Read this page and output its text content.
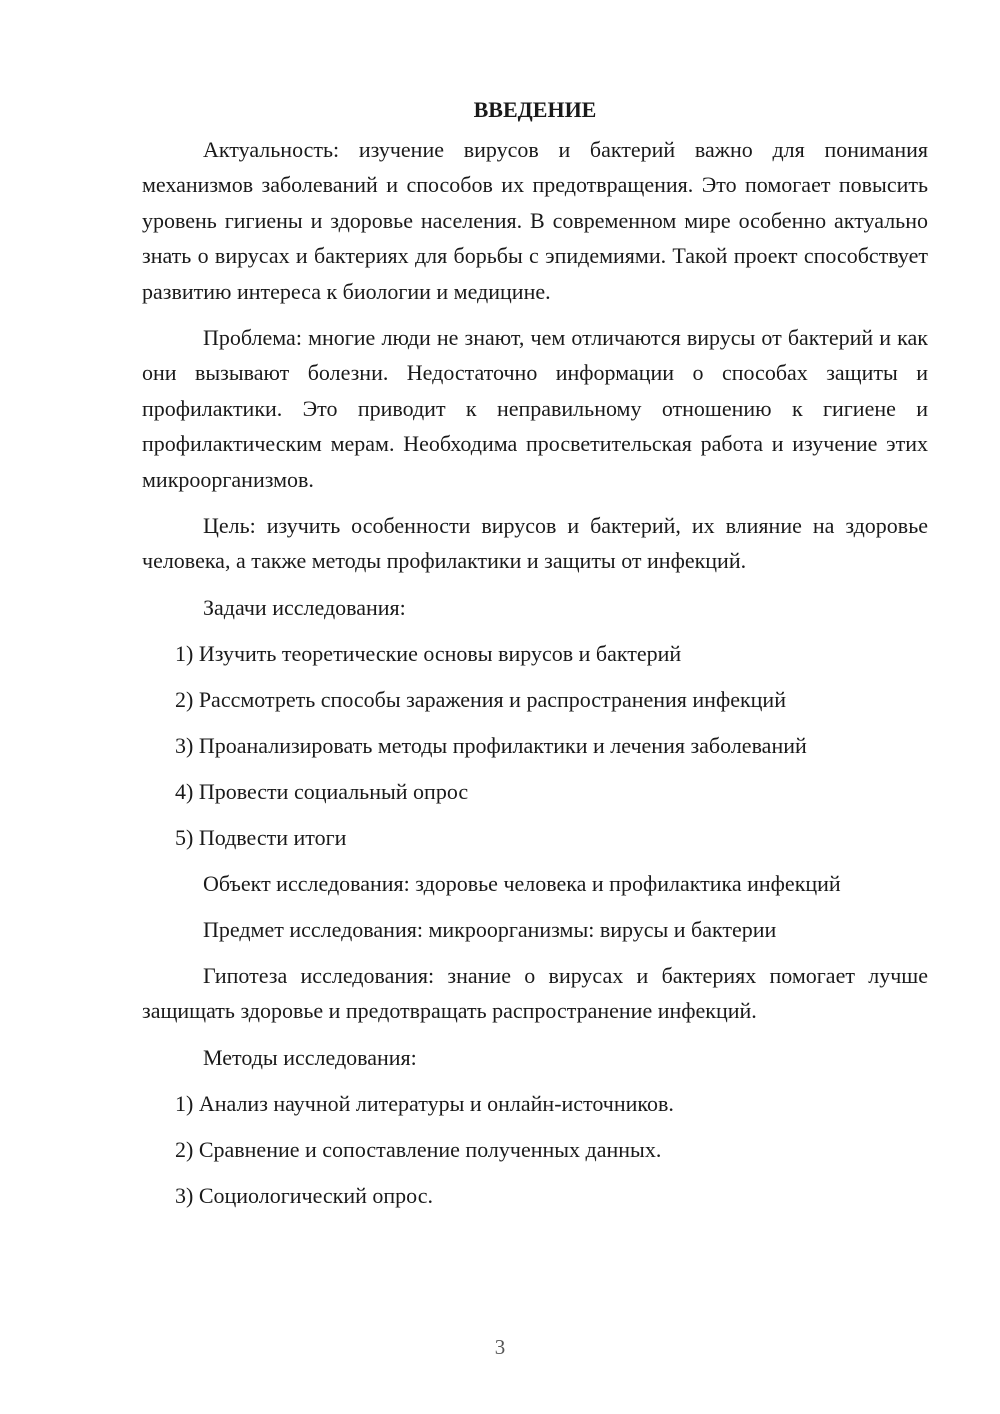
ВВЕДЕНИЕ

Актуальность: изучение вирусов и бактерий важно для понимания механизмов заболеваний и способов их предотвращения. Это помогает повысить уровень гигиены и здоровье населения. В современном мире особенно актуально знать о вирусах и бактериях для борьбы с эпидемиями. Такой проект способствует развитию интереса к биологии и медицине.

Проблема: многие люди не знают, чем отличаются вирусы от бактерий и как они вызывают болезни. Недостаточно информации о способах защиты и профилактики. Это приводит к неправильному отношению к гигиене и профилактическим мерам. Необходима просветительская работа и изучение этих микроорганизмов.

Цель: изучить особенности вирусов и бактерий, их влияние на здоровье человека, а также методы профилактики и защиты от инфекций.

Задачи исследования:
1) Изучить теоретические основы вирусов и бактерий
2) Рассмотреть способы заражения и распространения инфекций
3) Проанализировать методы профилактики и лечения заболеваний
4) Провести социальный опрос
5) Подвести итоги
Объект исследования: здоровье человека и профилактика инфекций
Предмет исследования: микроорганизмы: вирусы и бактерии

Гипотеза исследования: знание о вирусах и бактериях помогает лучше защищать здоровье и предотвращать распространение инфекций.

Методы исследования:
1) Анализ научной литературы и онлайн-источников.
2) Сравнение и сопоставление полученных данных.
3) Социологический опрос.
3
